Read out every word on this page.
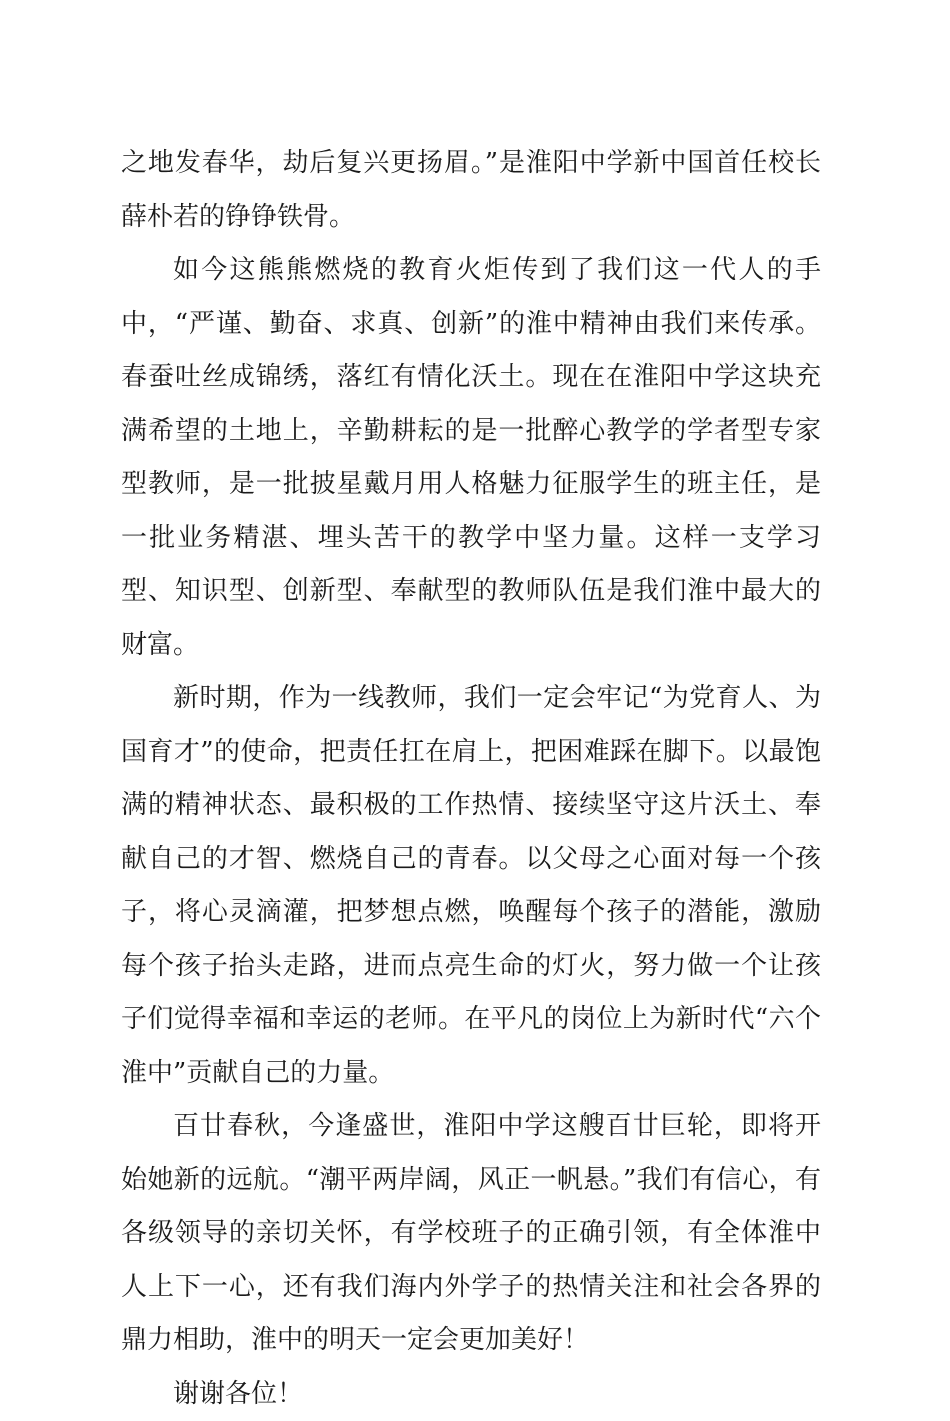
之地发春华，劫后复兴更扬眉。”是淮阳中学新中国首任校长薛朴若的铮铮铁骨。

如今这熊熊燃烧的教育火炬传到了我们这一代人的手中，“严谨、勤奋、求真、创新”的淮中精神由我们来传承。春蚕吐丝成锦绣，落红有情化沃土。现在在淮阳中学这块充满希望的土地上，辛勤耕耘的是一批醉心教学的学者型专家型教师，是一批披星戴月用人格魅力征服学生的班主任，是一批业务精湛、埋头苦干的教学中坚力量。这样一支学习型、知识型、创新型、奉献型的教师队伍是我们淮中最大的财富。

新时期，作为一线教师，我们一定会牢记“为党育人、为国育才”的使命，把责任扛在肩上，把困难踩在脚下。以最饱满的精神状态、最积极的工作热情、接续坚守这片沃土、奉献自己的才智、燃烧自己的青春。以父母之心面对每一个孩子，将心灵滴灌，把梦想点燃，唤醒每个孩子的潜能，激励每个孩子抬头走路，进而点亮生命的灯火，努力做一个让孩子们觉得幸福和幸运的老师。在平凡的岗位上为新时代“六个淮中”贡献自己的力量。

百廿春秋，今逢盛世，淮阳中学这艘百廿巨轮，即将开始她新的远航。“潮平两岸阔，风正一帆悬。”我们有信心，有各级领导的亲切关怀，有学校班子的正确引领，有全体淮中人上下一心，还有我们海内外学子的热情关注和社会各界的鼎力相助，淮中的明天一定会更加美好！

谢谢各位！
